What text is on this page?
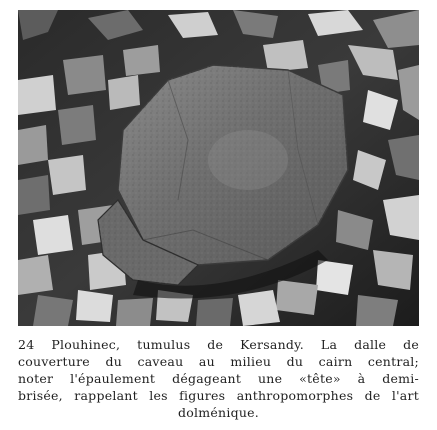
24 Plouhinec, tumulus de Kersandy. La dalle de
couverture du caveau au milieu du cairn central;
noter l'épaulement dégageant une «tête» à demi-
brisée, rappelant les figures anthropomorphes de l'art
dolménique.
